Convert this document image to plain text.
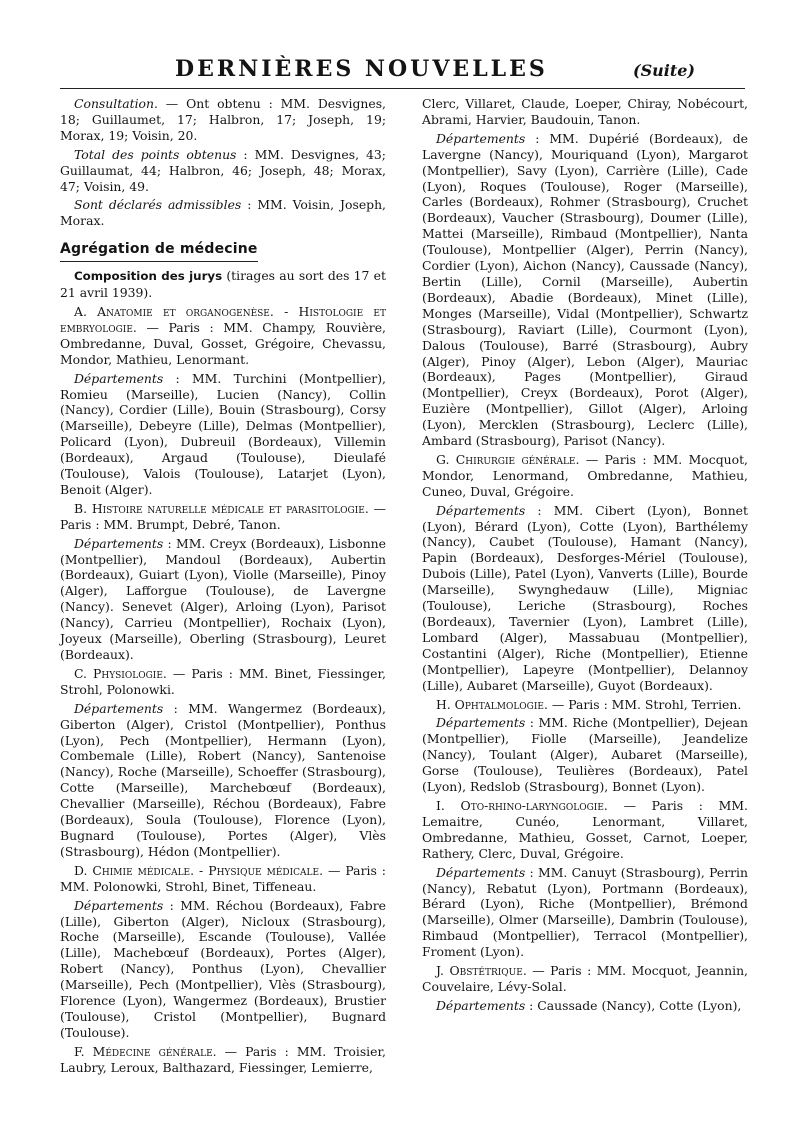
DERNIÈRES NOUVELLES	(Suite)

Consultation. — Ont obtenu : MM. Desvignes, 18; Guillaumet, 17; Halbron, 17; Joseph, 19; Morax, 19; Voisin, 20.

Total des points obtenus : MM. Desvignes, 43; Guillaumat, 44; Halbron, 46; Joseph, 48; Morax, 47; Voisin, 49.

Sont déclarés admissibles : MM. Voisin, Joseph, Morax.

Agrégation de médecine

Composition des jurys (tirages au sort des 17 et 21 avril 1939).

A. Anatomie et organogenèse. - Histologie et embryologie. — Paris : MM. Champy, Rouvière, Ombredanne, Duval, Gosset, Grégoire, Chevassu, Mondor, Mathieu, Lenormant.

Départements : MM. Turchini (Montpellier), Romieu (Marseille), Lucien (Nancy), Collin (Nancy), Cordier (Lille), Bouin (Strasbourg), Corsy (Marseille), Debeyre (Lille), Delmas (Montpellier), Policard (Lyon), Dubreuil (Bordeaux), Villemin (Bordeaux), Argaud (Toulouse), Dieulafé (Toulouse), Valois (Toulouse), Latarjet (Lyon), Benoit (Alger).

B. Histoire naturelle médicale et parasitologie. — Paris : MM. Brumpt, Debré, Tanon.

Départements : MM. Creyx (Bordeaux), Lisbonne (Montpellier), Mandoul (Bordeaux), Aubertin (Bordeaux), Guiart (Lyon), Violle (Marseille), Pinoy (Alger), Lafforgue (Toulouse), de Lavergne (Nancy). Senevet (Alger), Arloing (Lyon), Parisot (Nancy), Carrieu (Montpellier), Rochaix (Lyon), Joyeux (Marseille), Oberling (Strasbourg), Leuret (Bordeaux).

C. Physiologie. — Paris : MM. Binet, Fiessinger, Strohl, Polonowki.

Départements : MM. Wangermez (Bordeaux), Giberton (Alger), Cristol (Montpellier), Ponthus (Lyon), Pech (Montpellier), Hermann (Lyon), Combemale (Lille), Robert (Nancy), Santenoise (Nancy), Roche (Marseille), Schoeffer (Strasbourg), Cotte (Marseille), Marchebœuf (Bordeaux), Chevallier (Marseille), Réchou (Bordeaux), Fabre (Bordeaux), Soula (Toulouse), Florence (Lyon), Bugnard (Toulouse), Portes (Alger), Vlès (Strasbourg), Hédon (Montpellier).

D. Chimie médicale. - Physique médicale. — Paris : MM. Polonowki, Strohl, Binet, Tiffeneau.

Départements : MM. Réchou (Bordeaux), Fabre (Lille), Giberton (Alger), Nicloux (Strasbourg), Roche (Marseille), Escande (Toulouse), Vallée (Lille), Machebœuf (Bordeaux), Portes (Alger), Robert (Nancy), Ponthus (Lyon), Chevallier (Marseille), Pech (Montpellier), Vlès (Strasbourg), Florence (Lyon), Wangermez (Bordeaux), Brustier (Toulouse), Cristol (Montpellier), Bugnard (Toulouse).

F. Médecine générale. — Paris : MM. Troisier, Laubry, Leroux, Balthazard, Fiessinger, Lemierre,

Clerc, Villaret, Claude, Loeper, Chiray, Nobécourt, Abrami, Harvier, Baudouin, Tanon.

Départements : MM. Dupérié (Bordeaux), de Lavergne (Nancy), Mouriquand (Lyon), Margarot (Montpellier), Savy (Lyon), Carrière (Lille), Cade (Lyon), Roques (Toulouse), Roger (Marseille), Carles (Bordeaux), Rohmer (Strasbourg), Cruchet (Bordeaux), Vaucher (Strasbourg), Doumer (Lille), Mattei (Marseille), Rimbaud (Montpellier), Nanta (Toulouse), Montpellier (Alger), Perrin (Nancy), Cordier (Lyon), Aichon (Nancy), Caussade (Nancy), Bertin (Lille), Cornil (Marseille), Aubertin (Bordeaux), Abadie (Bordeaux), Minet (Lille), Monges (Marseille), Vidal (Montpellier), Schwartz (Strasbourg), Raviart (Lille), Courmont (Lyon), Dalous (Toulouse), Barré (Strasbourg), Aubry (Alger), Pinoy (Alger), Lebon (Alger), Mauriac (Bordeaux), Pages (Montpellier), Giraud (Montpellier), Creyx (Bordeaux), Porot (Alger), Euzière (Montpellier), Gillot (Alger), Arloing (Lyon), Mercklen (Strasbourg), Leclerc (Lille), Ambard (Strasbourg), Parisot (Nancy).

G. Chirurgie générale. — Paris : MM. Mocquot, Mondor, Lenormand, Ombredanne, Mathieu, Cuneo, Duval, Grégoire.

Départements : MM. Cibert (Lyon), Bonnet (Lyon), Bérard (Lyon), Cotte (Lyon), Barthélemy (Nancy), Caubet (Toulouse), Hamant (Nancy), Papin (Bordeaux), Desforges-Mériel (Toulouse), Dubois (Lille), Patel (Lyon), Vanverts (Lille), Bourde (Marseille), Swynghedauw (Lille), Migniac (Toulouse), Leriche (Strasbourg), Roches (Bordeaux), Tavernier (Lyon), Lambret (Lille), Lombard (Alger), Massabuau (Montpellier), Costantini (Alger), Riche (Montpellier), Etienne (Montpellier), Lapeyre (Montpellier), Delannoy (Lille), Aubaret (Marseille), Guyot (Bordeaux).

H. Ophtalmologie. — Paris : MM. Strohl, Terrien.

Départements : MM. Riche (Montpellier), Dejean (Montpellier), Fiolle (Marseille), Jeandelize (Nancy), Toulant (Alger), Aubaret (Marseille), Gorse (Toulouse), Teulières (Bordeaux), Patel (Lyon), Redslob (Strasbourg), Bonnet (Lyon).

I. Oto-rhino-laryngologie. — Paris : MM. Lemaitre, Cunéo, Lenormant, Villaret, Ombredanne, Mathieu, Gosset, Carnot, Loeper, Rathery, Clerc, Duval, Grégoire.

Départements : MM. Canuyt (Strasbourg), Perrin (Nancy), Rebatut (Lyon), Portmann (Bordeaux), Bérard (Lyon), Riche (Montpellier), Brémond (Marseille), Olmer (Marseille), Dambrin (Toulouse), Rimbaud (Montpellier), Terracol (Montpellier), Froment (Lyon).

J. Obstétrique. — Paris : MM. Mocquot, Jeannin, Couvelaire, Lévy-Solal.

Départements : Caussade (Nancy), Cotte (Lyon),
